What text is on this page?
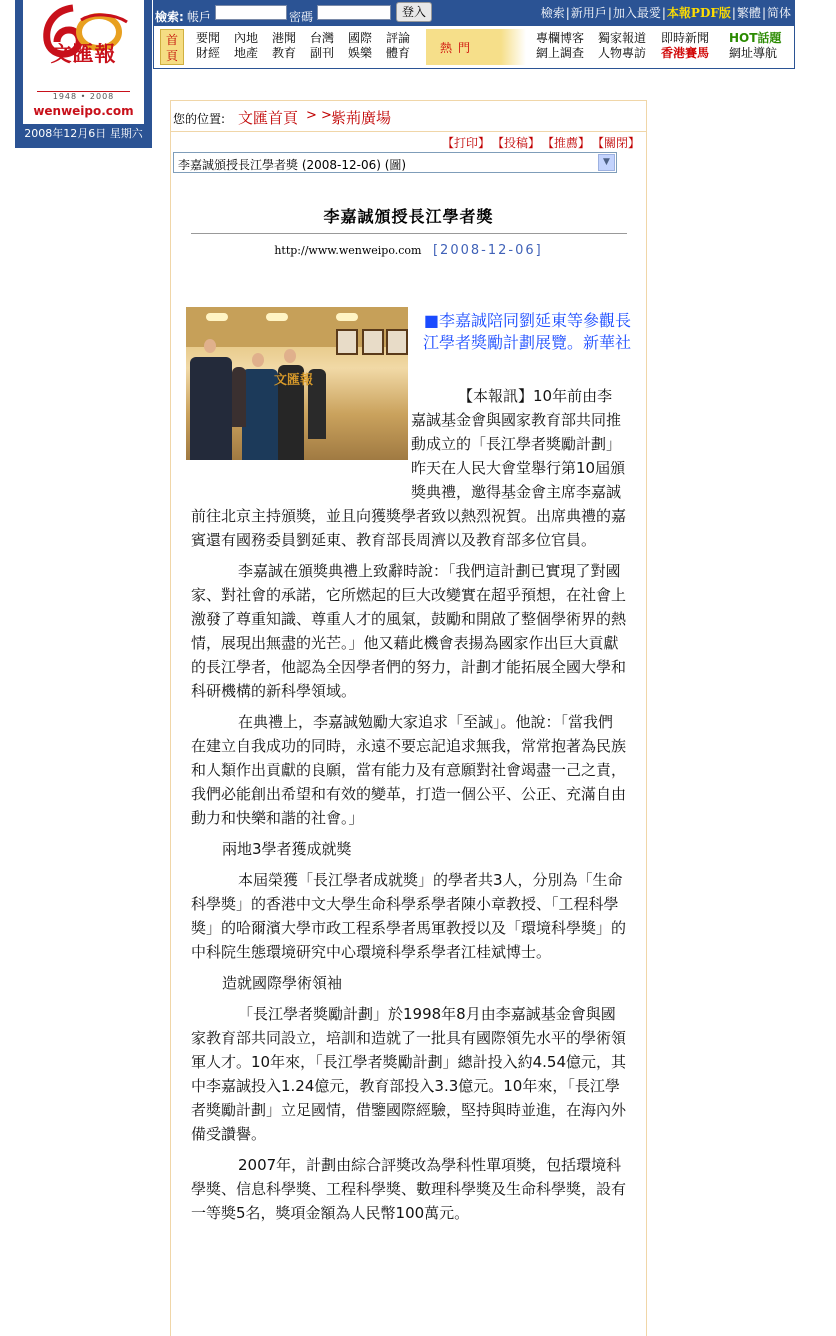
文匯報
1948 • 2008
wenweipo.com
2008年12月6日 星期六
檢索: 帳戶	密碼	登入	檢索|新用戶|加入最愛|本報PDF版|繁體|简体
首
頁
要聞
財經
內地
地產
港聞
教育
台灣
副刊
國際
娛樂
評論
體育	熱門
專欄博客
網上調查
獨家報道
人物專訪
即時新聞
香港賽馬
HOT話題
網址導航
您的位置: 文匯首頁 > > 紫荊廣場
【打印】 【投稿】 【推薦】 【關閉】
李嘉誠頒授長江學者獎 (2008-12-06) (圖)	▼
李嘉誠頒授長江學者獎
http://www.wenweipo.com [2008-12-06]
文匯報
■李嘉誠陪同劉延東等參觀長江學者獎勵計劃展覽。新華社

【本報訊】10年前由李嘉誠基金會與國家教育部共同推動成立的「長江學者獎勵計劃」昨天在人民大會堂舉行第10屆頒獎典禮，邀得基金會主席李嘉誠前往北京主持頒獎，並且向獲獎學者致以熱烈祝賀。出席典禮的嘉賓還有國務委員劉延東、教育部長周濟以及教育部多位官員。

李嘉誠在頒獎典禮上致辭時說：「我們這計劃已實現了對國家、對社會的承諾，它所燃起的巨大改變實在超乎預想，在社會上激發了尊重知識、尊重人才的風氣，鼓勵和開啟了整個學術界的熱情，展現出無盡的光芒。」他又藉此機會表揚為國家作出巨大貢獻的長江學者，他認為全因學者們的努力，計劃才能拓展全國大學和科研機構的新科學領域。

在典禮上，李嘉誠勉勵大家追求「至誠」。他說：「當我們在建立自我成功的同時，永遠不要忘記追求無我，常常抱著為民族和人類作出貢獻的良願，當有能力及有意願對社會竭盡一己之責，我們必能創出希望和有效的變革，打造一個公平、公正、充滿自由動力和快樂和諧的社會。」

兩地3學者獲成就獎

本屆榮獲「長江學者成就獎」的學者共3人，分別為「生命科學獎」的香港中文大學生命科學系學者陳小章教授、「工程科學獎」的哈爾濱大學市政工程系學者馬軍教授以及「環境科學獎」的中科院生態環境研究中心環境科學系學者江桂斌博士。

造就國際學術領袖

「長江學者獎勵計劃」於1998年8月由李嘉誠基金會與國家教育部共同設立，培訓和造就了一批具有國際領先水平的學術領軍人才。10年來，「長江學者獎勵計劃」總計投入約4.54億元，其中李嘉誠投入1.24億元，教育部投入3.3億元。10年來，「長江學者獎勵計劃」立足國情，借鑒國際經驗，堅持與時並進，在海內外備受讚譽。

2007年，計劃由綜合評獎改為學科性單項獎，包括環境科學獎、信息科學獎、工程科學獎、數理科學獎及生命科學獎，設有一等獎5名，獎項金額為人民幣100萬元。
